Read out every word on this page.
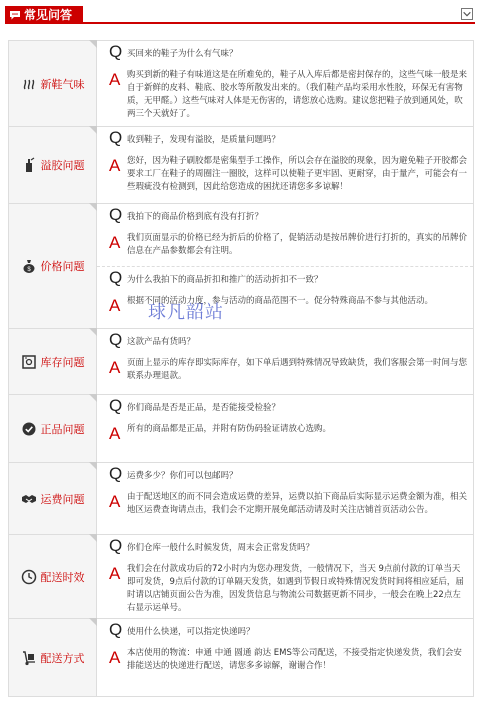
常见问答
新鞋气味
Q 买回来的鞋子为什么有气味？
A 购买到新的鞋子有味道这是在所难免的，鞋子从入库后都是密封保存的，这些气味一般是来自于新鲜的皮料、鞋底、胶水等所散发出来的。（我们鞋产品均采用水性胶，环保无有害物质，无甲醛。）这些气味对人体是无伤害的，请您放心选购。建议您把鞋子放到通风处，吹两三个天就好了。
溢胶问题
Q 收到鞋子，发现有溢胶，是质量问题吗？
A 您好，因为鞋子刷胶都是密集型手工操作，所以会存在溢胶的现象，因为避免鞋子开胶都会要求工厂在鞋子的周圈注一圈胶，这样可以使鞋子更牢固、更耐穿，由于量产，可能会有一些瑕疵没有检测到，因此给您造成的困扰还请您多多谅解！
$ 价格问题
Q 我拍下的商品价格到底有没有打折？
A 我们页面显示的价格已经为折后的价格了，促销活动是按吊牌价进行打折的，真实的吊牌价信息在产品参数都会有注明。
Q 为什么我拍下的商品折扣和推广的活动折扣不一致？
A 根据不同的活动力度，参与活动的商品范围不一。促分特殊商品不参与其他活动。
库存问题
Q 这款产品有货吗？
A 页面上显示的库存即实际库存，如下单后遇到特殊情况导致缺货，我们客服会第一时间与您联系办理退款。
正品问题
Q 你们商品是否是正品，是否能接受检验？
A 所有的商品都是正品，并附有防伪码验证请放心选购。
运费问题
Q 运费多少？你们可以包邮吗？
A 由于配送地区的而不同会造成运费的差异，运费以拍下商品后实际显示运费金额为准，相关地区运费查询请点击，我们会不定期开展免邮活动请及时关注店铺首页活动公告。
配送时效
Q 你们仓库一般什么时候发货，周末会正常发货吗？
A 我们会在付款成功后的72小时内为您办理发货，一般情况下，当天 9点前付款的订单当天即可发货，9点后付款的订单隔天发货，如遇到节假日或特殊情况发货时间将相应延后，届时请以店铺页面公告为准，因发货信息与物流公司数据更新不同步，一般会在晚上22点左右显示运单号。
配送方式
Q 使用什么快递，可以指定快递吗？
A 本店使用的物流：申通 中通 圆通 韵达 EMS等公司配送，不接受指定快递发货，我们会安排能送达的快递进行配送，请您多多谅解，谢谢合作！
球凡韶站
